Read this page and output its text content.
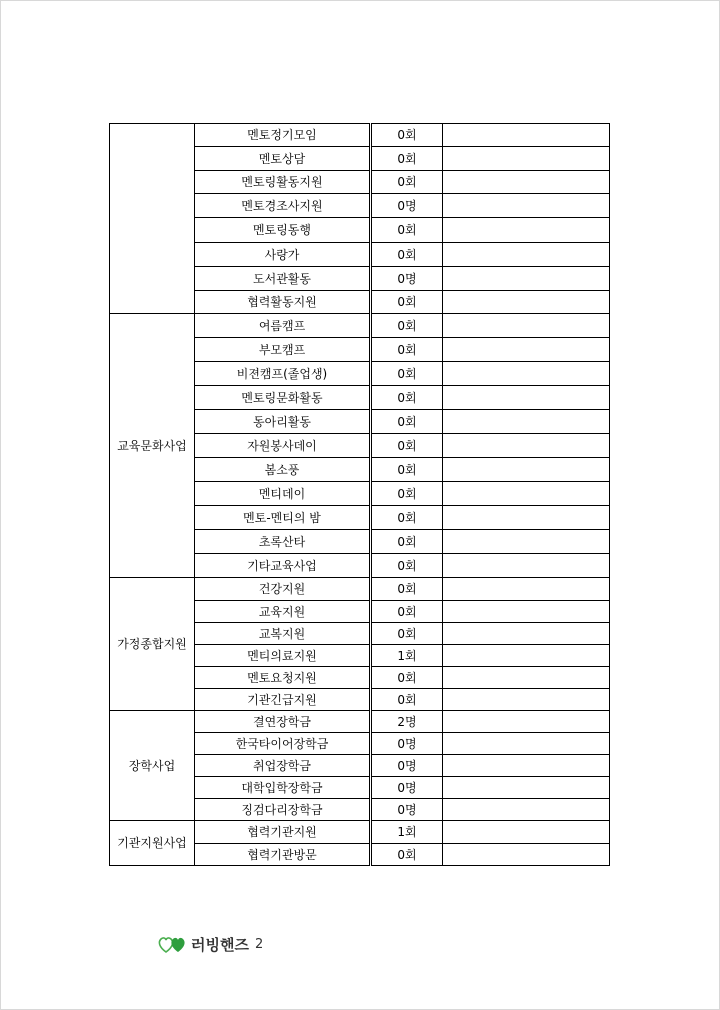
	멘토정기모임	0회	
	멘토상담	0회	
	멘토링활동지원	0회	
	멘토경조사지원	0명	
	멘토링동행	0회	
	사랑가	0회	
	도서관활동	0명	
	협력활동지원	0회	
교육문화사업	여름캠프	0회	
	부모캠프	0회	
	비젼캠프(졸업생)	0회	
	멘토링문화활동	0회	
	동아리활동	0회	
	자원봉사데이	0회	
	봄소풍	0회	
	멘티데이	0회	
	멘토-멘티의 밤	0회	
	초록산타	0회	
	기타교육사업	0회	
가정종합지원	건강지원	0회	
	교육지원	0회	
	교복지원	0회	
	멘티의료지원	1회	
	멘토요청지원	0회	
	기관긴급지원	0회	
장학사업	결연장학금	2명	
	한국타이어장학금	0명	
	취업장학금	0명	
	대학입학장학금	0명	
	징검다리장학금	0명	
기관지원사업	협력기관지원	1회	
	협력기관방문	0회	
러빙핸즈 2
